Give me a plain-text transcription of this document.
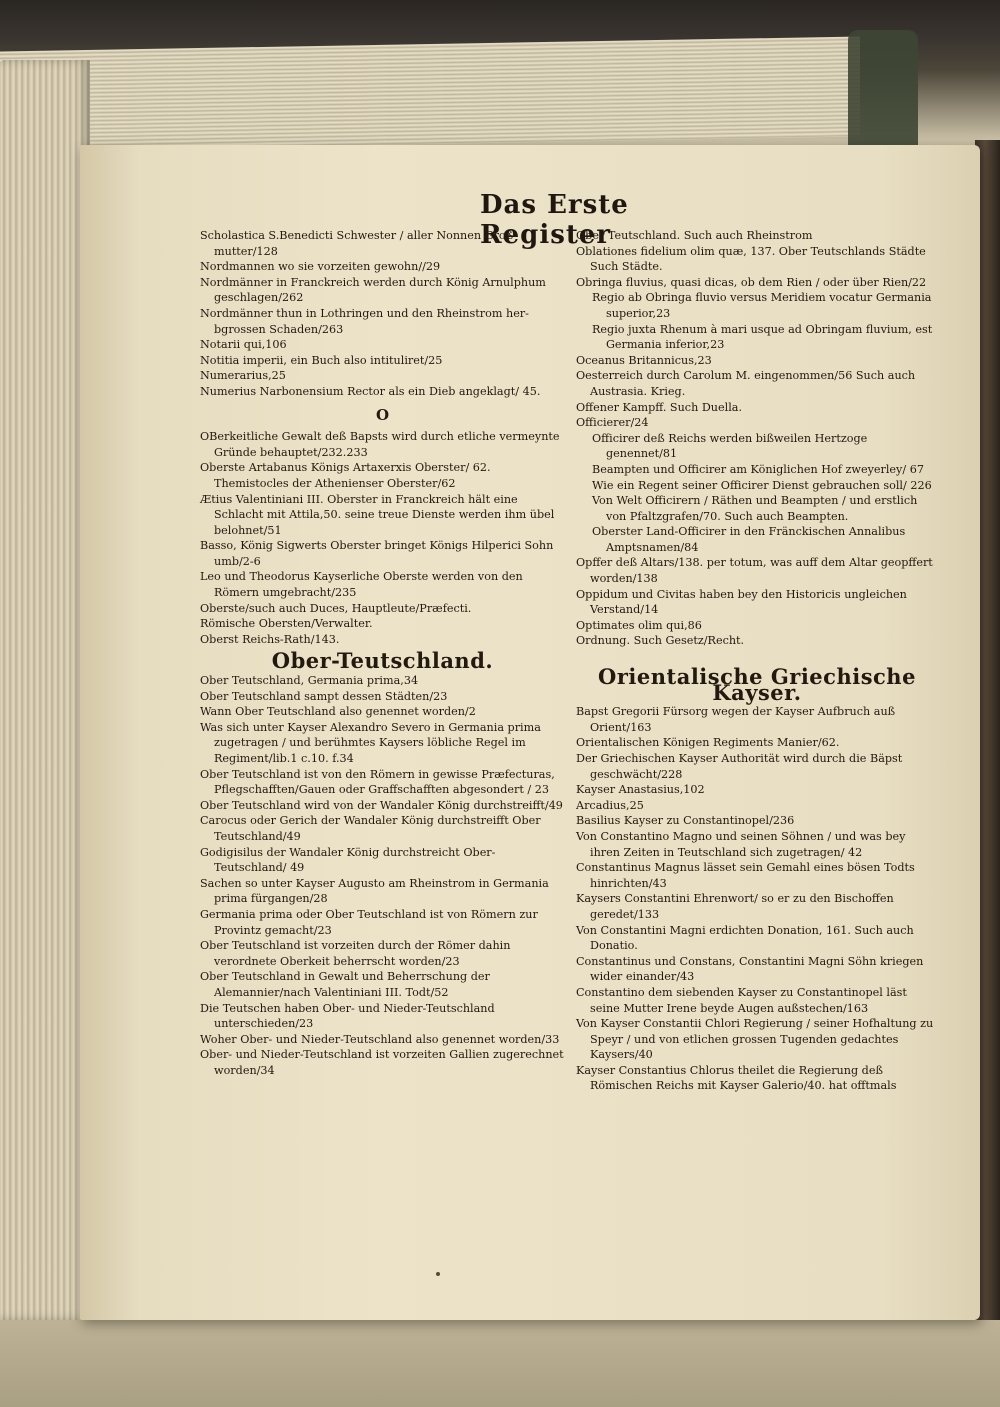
Das Erste Register

Scholastica S.Benedicti Schwester / aller Nonnen Groß-mutter/128

Nordmannen wo sie vorzeiten gewohn//29

Nordmänner in Franckreich werden durch König Arnulphum geschlagen/262

Nordmänner thun in Lothringen und den Rheinstrom her-bgrossen Schaden/263

Notarii qui,106

Notitia imperii, ein Buch also intituliret/25

Numerarius,25

Numerius Narbonensium Rector als ein Dieb angeklagt/ 45.

O

OBerkeitliche Gewalt deß Bapsts wird durch etliche vermeynte Gründe behauptet/232.233

Oberste Artabanus Königs Artaxerxis Oberster/ 62. Themistocles der Athenienser Oberster/62

Ætius Valentiniani III. Oberster in Franckreich hält eine Schlacht mit Attila,50. seine treue Dienste werden ihm übel belohnet/51

Basso, König Sigwerts Oberster bringet Königs Hilperici Sohn umb/2-6

Leo und Theodorus Kayserliche Oberste werden von den Römern umgebracht/235

Oberste/such auch Duces, Hauptleute/Præfecti.

Römische Obersten/Verwalter.

Oberst Reichs-Rath/143.

Ober-Teutschland.

Ober Teutschland, Germania prima,34

Ober Teutschland sampt dessen Städten/23

Wann Ober Teutschland also genennet worden/2

Was sich unter Kayser Alexandro Severo in Germania prima zugetragen / und berühmtes Kaysers löbliche Regel im Regiment/lib.1 c.10. f.34

Ober Teutschland ist von den Römern in gewisse Præfecturas, Pflegschafften/Gauen oder Graffschafften abgesondert / 23

Ober Teutschland wird von der Wandaler König durchstreifft/49

Carocus oder Gerich der Wandaler König durchstreifft Ober Teutschland/49

Godigisilus der Wandaler König durchstreicht Ober-Teutschland/ 49

Sachen so unter Kayser Augusto am Rheinstrom in Germania prima fürgangen/28

Germania prima oder Ober Teutschland ist von Römern zur Provintz gemacht/23

Ober Teutschland ist vorzeiten durch der Römer dahin verordnete Oberkeit beherrscht worden/23

Ober Teutschland in Gewalt und Beherrschung der Alemannier/nach Valentiniani III. Todt/52

Die Teutschen haben Ober- und Nieder-Teutschland unterschieden/23

Woher Ober- und Nieder-Teutschland also genennet worden/33

Ober- und Nieder-Teutschland ist vorzeiten Gallien zugerechnet worden/34

Ober Teutschland. Such auch Rheinstrom

Oblationes fidelium olim quæ, 137. Ober Teutschlands Städte Such Städte.

Obringa fluvius, quasi dicas, ob dem Rien / oder über Rien/22

Regio ab Obringa fluvio versus Meridiem vocatur Germania superior,23

Regio juxta Rhenum à mari usque ad Obringam fluvium, est Germania inferior,23

Oceanus Britannicus,23

Oesterreich durch Carolum M. eingenommen/56 Such auch Austrasia. Krieg.

Offener Kampff. Such Duella.

Officierer/24

Officirer deß Reichs werden bißweilen Hertzoge genennet/81

Beampten und Officirer am Königlichen Hof zweyerley/ 67

Wie ein Regent seiner Officirer Dienst gebrauchen soll/ 226

Von Welt Officirern / Räthen und Beampten / und erstlich von Pfaltzgrafen/70. Such auch Beampten.

Oberster Land-Officirer in den Fränckischen Annalibus Amptsnamen/84

Opffer deß Altars/138. per totum, was auff dem Altar geopffert worden/138

Oppidum und Civitas haben bey den Historicis ungleichen Verstand/14

Optimates olim qui,86

Ordnung. Such Gesetz/Recht.

Orientalische Griechische Kayser.

Bapst Gregorii Fürsorg wegen der Kayser Aufbruch auß Orient/163

Orientalischen Königen Regiments Manier/62.

Der Griechischen Kayser Authorität wird durch die Bäpst geschwächt/228

Kayser Anastasius,102

Arcadius,25

Basilius Kayser zu Constantinopel/236

Von Constantino Magno und seinen Söhnen / und was bey ihren Zeiten in Teutschland sich zugetragen/ 42

Constantinus Magnus lässet sein Gemahl eines bösen Todts hinrichten/43

Kaysers Constantini Ehrenwort/ so er zu den Bischoffen geredet/133

Von Constantini Magni erdichten Donation, 161. Such auch Donatio.

Constantinus und Constans, Constantini Magni Söhn kriegen wider einander/43

Constantino dem siebenden Kayser zu Constantinopel läst seine Mutter Irene beyde Augen außstechen/163

Von Kayser Constantii Chlori Regierung / seiner Hofhaltung zu Speyr / und von etlichen grossen Tugenden gedachtes Kaysers/40

Kayser Constantius Chlorus theilet die Regierung deß Römischen Reichs mit Kayser Galerio/40. hat offtmals
